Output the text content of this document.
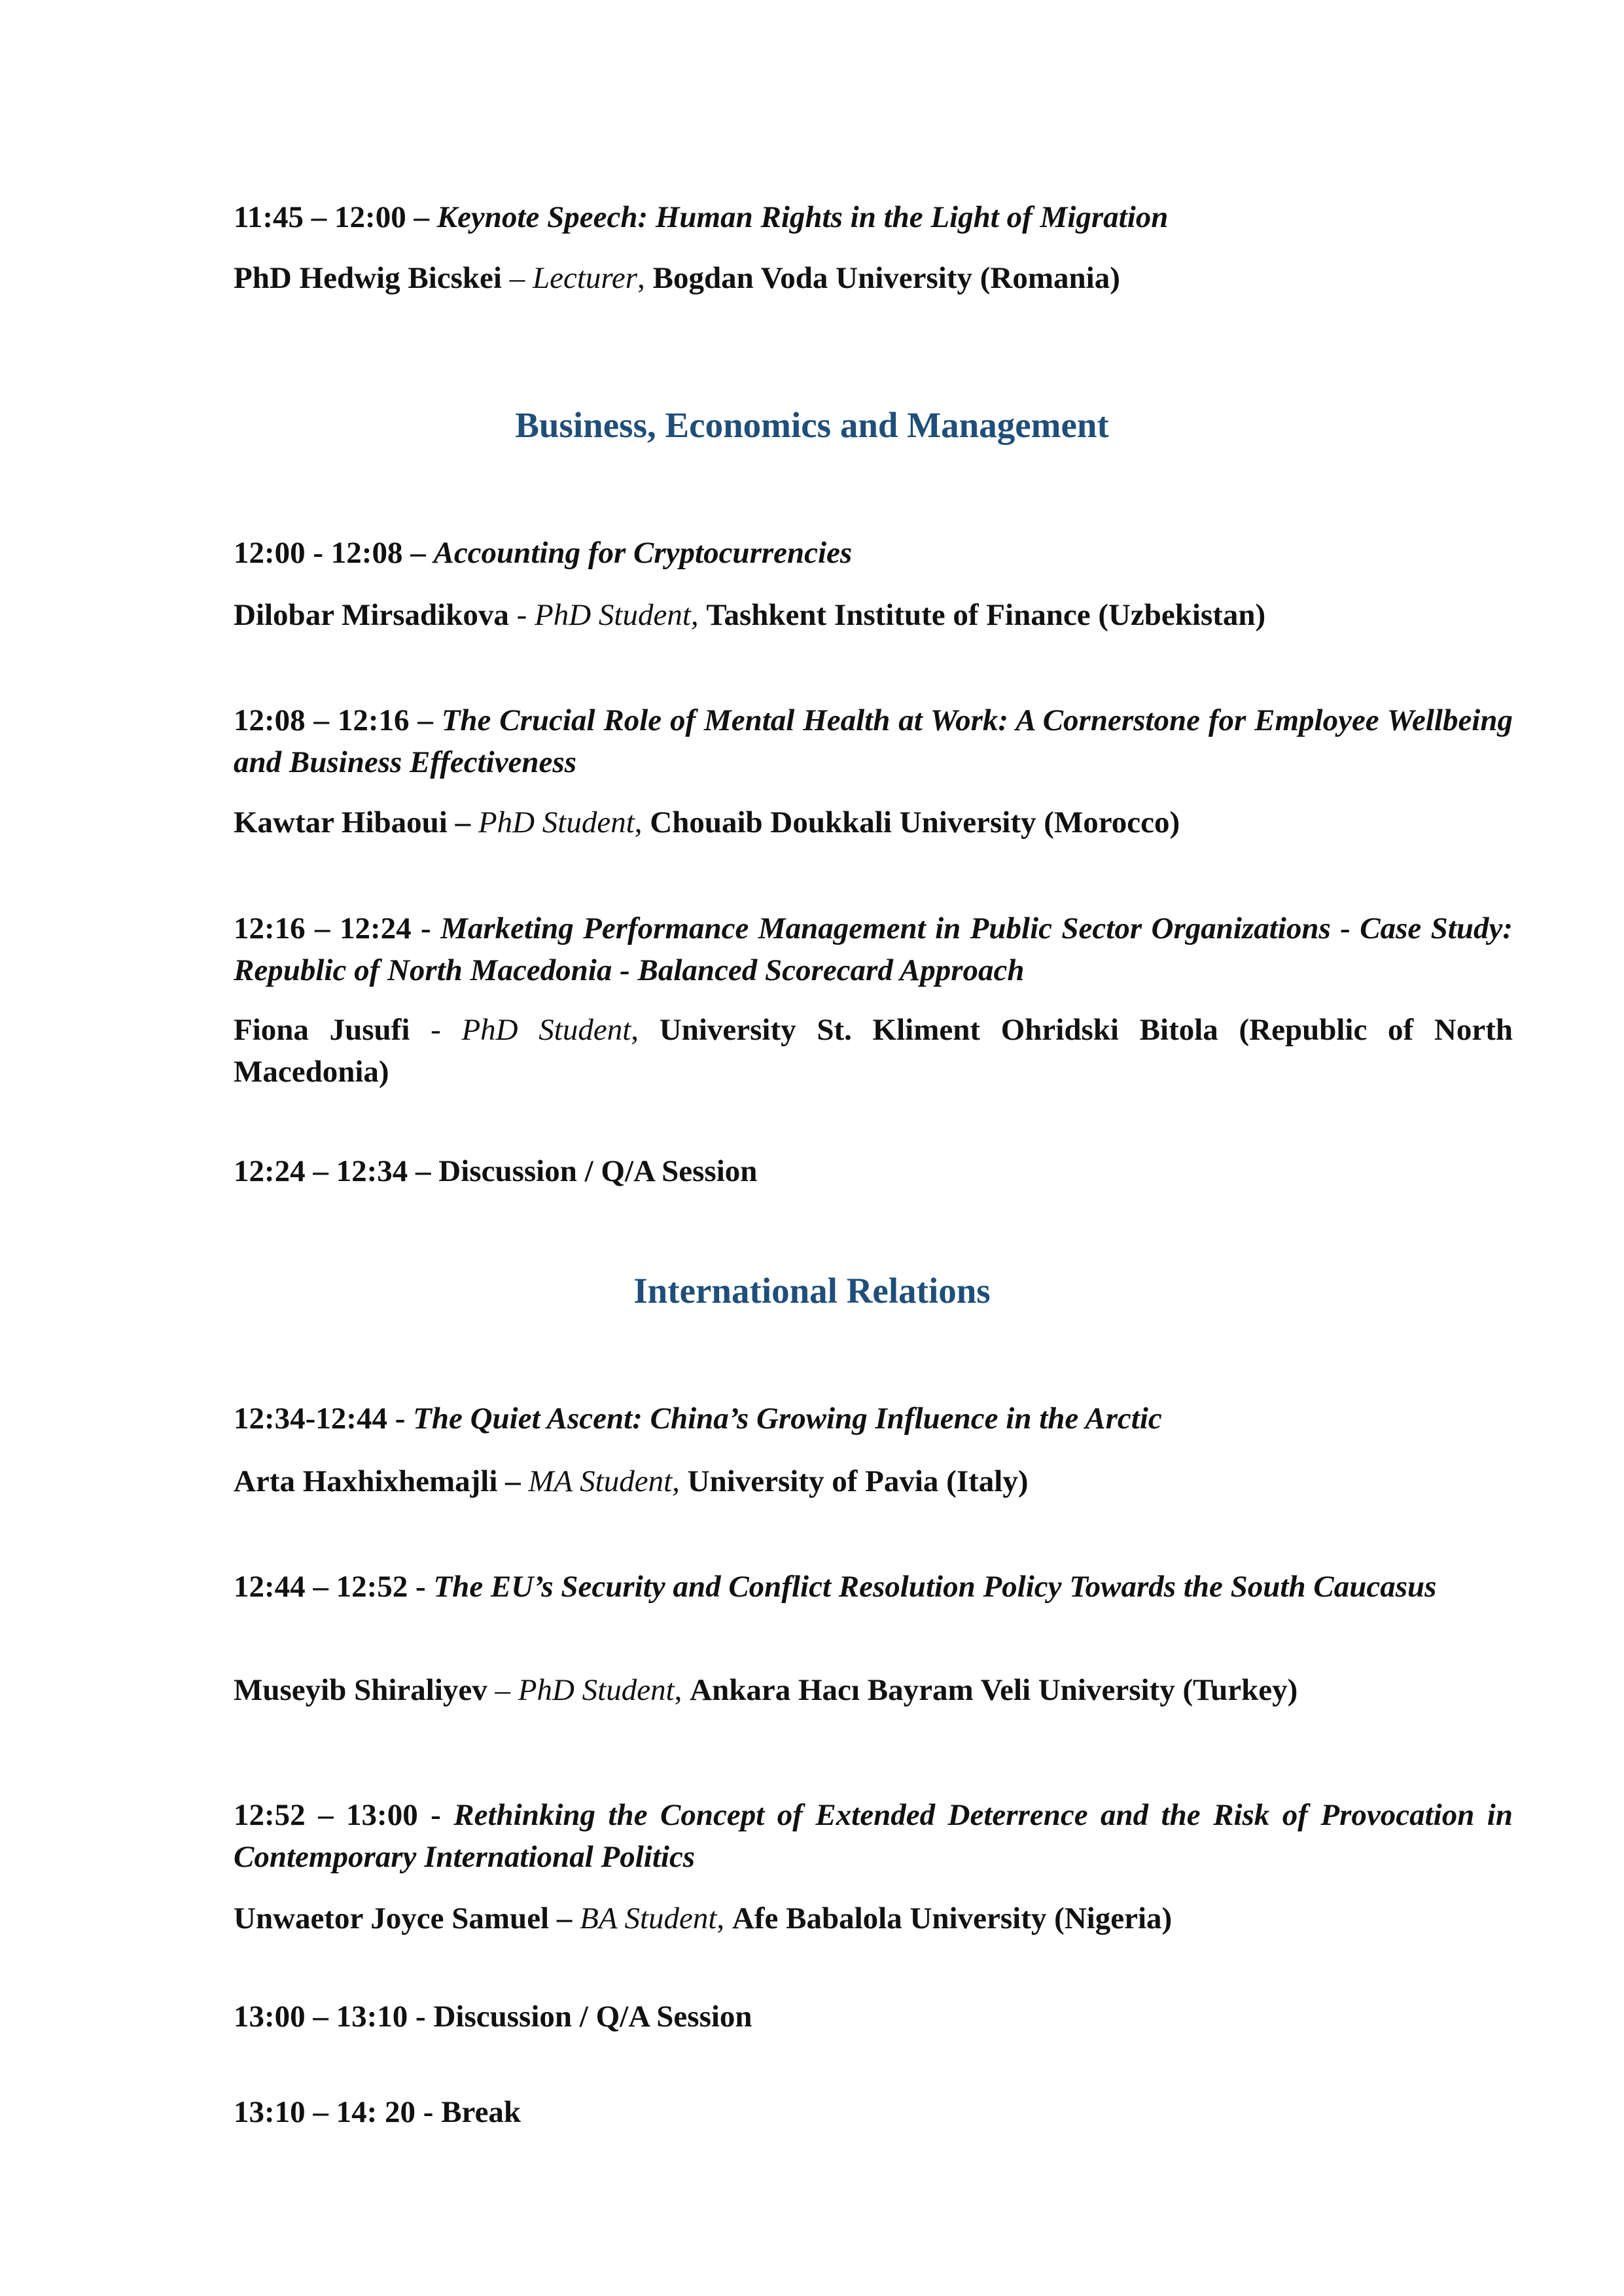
11:45 – 12:00 – Keynote Speech: Human Rights in the Light of Migration
PhD Hedwig Bicskei – Lecturer, Bogdan Voda University (Romania)
Business, Economics and Management
12:00 - 12:08 – Accounting for Cryptocurrencies
Dilobar Mirsadikova - PhD Student, Tashkent Institute of Finance (Uzbekistan)
12:08 – 12:16 – The Crucial Role of Mental Health at Work: A Cornerstone for Employee Wellbeing and Business Effectiveness
Kawtar Hibaoui – PhD Student, Chouaib Doukkali University (Morocco)
12:16 – 12:24 - Marketing Performance Management in Public Sector Organizations - Case Study: Republic of North Macedonia - Balanced Scorecard Approach
Fiona Jusufi - PhD Student, University St. Kliment Ohridski Bitola (Republic of North Macedonia)
12:24 – 12:34 – Discussion / Q/A Session
International Relations
12:34-12:44 - The Quiet Ascent: China’s Growing Influence in the Arctic
Arta Haxhixhemajli – MA Student, University of Pavia (Italy)
12:44 – 12:52 - The EU’s Security and Conflict Resolution Policy Towards the South Caucasus
Museyib Shiraliyev – PhD Student, Ankara Hacı Bayram Veli University (Turkey)
12:52 – 13:00 - Rethinking the Concept of Extended Deterrence and the Risk of Provocation in Contemporary International Politics
Unwaetor Joyce Samuel – BA Student, Afe Babalola University (Nigeria)
13:00 – 13:10 - Discussion / Q/A Session
13:10 – 14: 20 - Break
